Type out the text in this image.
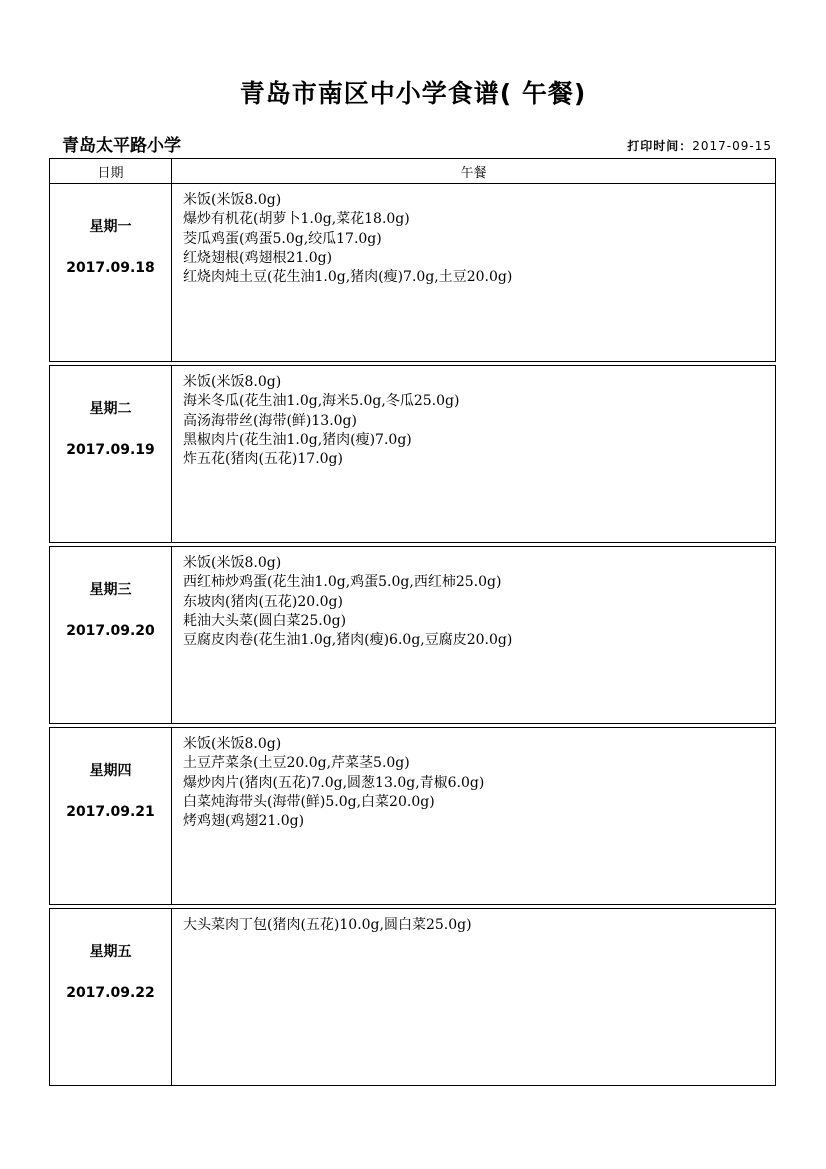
青岛市南区中小学食谱( 午餐)
青岛太平路小学	打印时间：2017-09-15
日期	午餐
星期一
2017.09.18
米饭(米饭8.0g)
爆炒有机花(胡萝卜1.0g,菜花18.0g)
茭瓜鸡蛋(鸡蛋5.0g,绞瓜17.0g)
红烧翅根(鸡翅根21.0g)
红烧肉炖土豆(花生油1.0g,猪肉(瘦)7.0g,土豆20.0g)
星期二
2017.09.19
米饭(米饭8.0g)
海米冬瓜(花生油1.0g,海米5.0g,冬瓜25.0g)
高汤海带丝(海带(鲜)13.0g)
黑椒肉片(花生油1.0g,猪肉(瘦)7.0g)
炸五花(猪肉(五花)17.0g)
星期三
2017.09.20
米饭(米饭8.0g)
西红柿炒鸡蛋(花生油1.0g,鸡蛋5.0g,西红柿25.0g)
东坡肉(猪肉(五花)20.0g)
耗油大头菜(圆白菜25.0g)
豆腐皮肉卷(花生油1.0g,猪肉(瘦)6.0g,豆腐皮20.0g)
星期四
2017.09.21
米饭(米饭8.0g)
土豆芹菜条(土豆20.0g,芹菜茎5.0g)
爆炒肉片(猪肉(五花)7.0g,圆葱13.0g,青椒6.0g)
白菜炖海带头(海带(鲜)5.0g,白菜20.0g)
烤鸡翅(鸡翅21.0g)
星期五
2017.09.22
大头菜肉丁包(猪肉(五花)10.0g,圆白菜25.0g)
